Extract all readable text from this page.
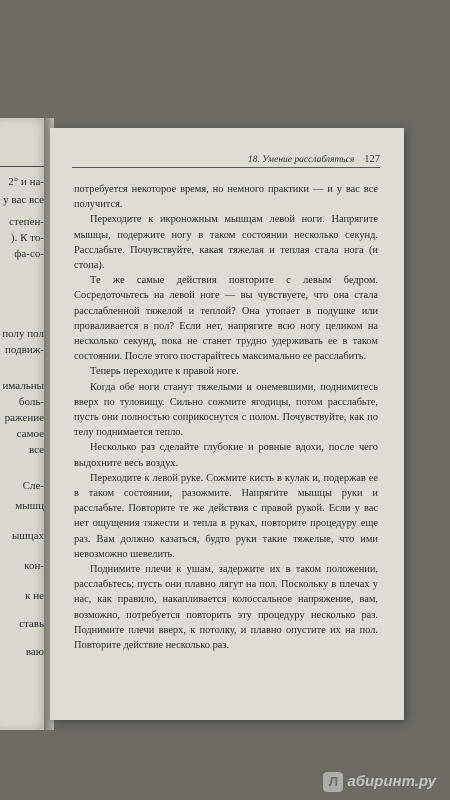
2° и на-
у вас все
степен-
). К то-
фа-со-
полу пол
подвиж-
имальны
боль-
ражение
самое
все
Сле-
мышц
ышцах
кон-
к не
ставь
ваю
18. Умение расслабляться 127

потребуется некоторое время, но немного практики — и у вас все получится.

Переходите к икроножным мышцам левой ноги. Напрягите мышцы, подержите ногу в таком состоянии несколько секунд. Расслабьте. Почувствуйте, какая тяжелая и теплая стала нога (и стопа).

Те же самые действия повторите с левым бедром. Сосредоточьтесь на левой ноге — вы чувствуете, что она стала расслабленной тяжелой и теплой? Она утопает в подушке или проваливается в пол? Если нет, напрягите всю ногу целиком на несколько секунд, пока не станет трудно удерживать ее в таком состоянии. После этого постарайтесь максимально ее расслабить.

Теперь переходите к правой ноге.

Когда обе ноги станут тяжелыми и онемевшими, поднимитесь вверх по туловищу. Сильно сожмите ягодицы, потом расслабьте, пусть они полностью соприкоснутся с полом. Почувствуйте, как по телу поднимается тепло.

Несколько раз сделайте глубокие и ровные вдохи, после чего выдохните весь воздух.

Переходите к левой руке. Сожмите кисть в кулак и, подержав ее в таком состоянии, разожмите. Напрягите мышцы руки и расслабьте. Повторите те же действия с правой рукой. Если у вас нет ощущения тяжести и тепла в руках, повторите процедуру еще раз. Вам должно казаться, будто руки такие тяжелые, что ими невозможно шевелить.

Поднимите плечи к ушам, задержите их в таком положении, расслабьтесь; пусть они плавно лягут на пол. Поскольку в плечах у нас, как правило, накапливается колоссальное напряжение, вам, возможно, потребуется повторить эту процедуру несколько раз. Поднимите плечи вверх, к потолку, и плавно опустите их на пол. Повторите действие несколько раз.

Л абиринт.ру
